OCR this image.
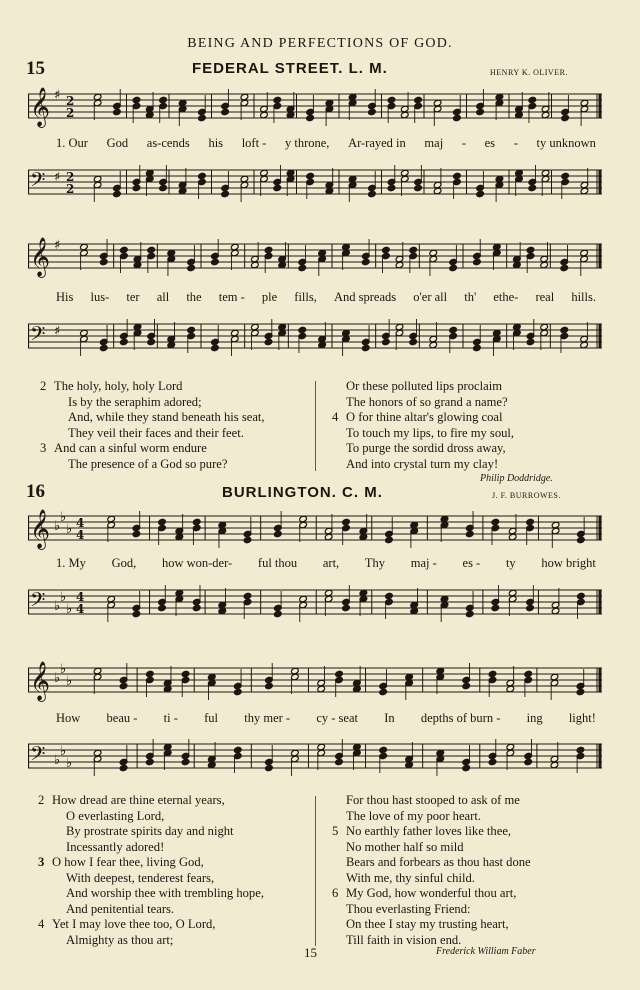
BEING AND PERFECTIONS OF GOD.
15	FEDERAL STREET. L. M.	HENRY K. OLIVER.
𝄞 ♯ 2
2
1. Our God as-cends his loft - y throne, Ar-rayed in maj - es - ty unknown
𝄢 ♯ 2
2
𝄞 ♯
His lus- ter all the tem - ple fills, And spreads o'er all th' ethe- real hills.
𝄢 ♯
2 The holy, holy, holy Lord
Is by the seraphim adored;
And, while they stand beneath his seat,
They veil their faces and their feet.
3 And can a sinful worm endure
The presence of a God so pure?
Or these polluted lips proclaim
The honors of so grand a name?
4 O for thine altar's glowing coal
To touch my lips, to fire my soul,
To purge the sordid dross away,
And into crystal turn my clay!
Philip Doddridge.
16	BURLINGTON. C. M.	J. F. BURROWES.
𝄞 ♭
♭
♭ 4
4
1. My God, how won-der- ful thou art, Thy maj - es - ty how bright
𝄢 ♭
♭
♭
4
4
𝄞 ♭
♭
♭
How beau - ti - ful thy mer - cy - seat In depths of burn - ing light!
𝄢 ♭
♭
♭
2 How dread are thine eternal years,
O everlasting Lord,
By prostrate spirits day and night
Incessantly adored!
3 O how I fear thee, living God,
With deepest, tenderest fears,
And worship thee with trembling hope,
And penitential tears.
4 Yet I may love thee too, O Lord,
Almighty as thou art;
For thou hast stooped to ask of me
The love of my poor heart.
5 No earthly father loves like thee,
No mother half so mild
Bears and forbears as thou hast done
With me, thy sinful child.
6 My God, how wonderful thou art,
Thou everlasting Friend:
On thee I stay my trusting heart,
Till faith in vision end.
15	Frederick William Faber
